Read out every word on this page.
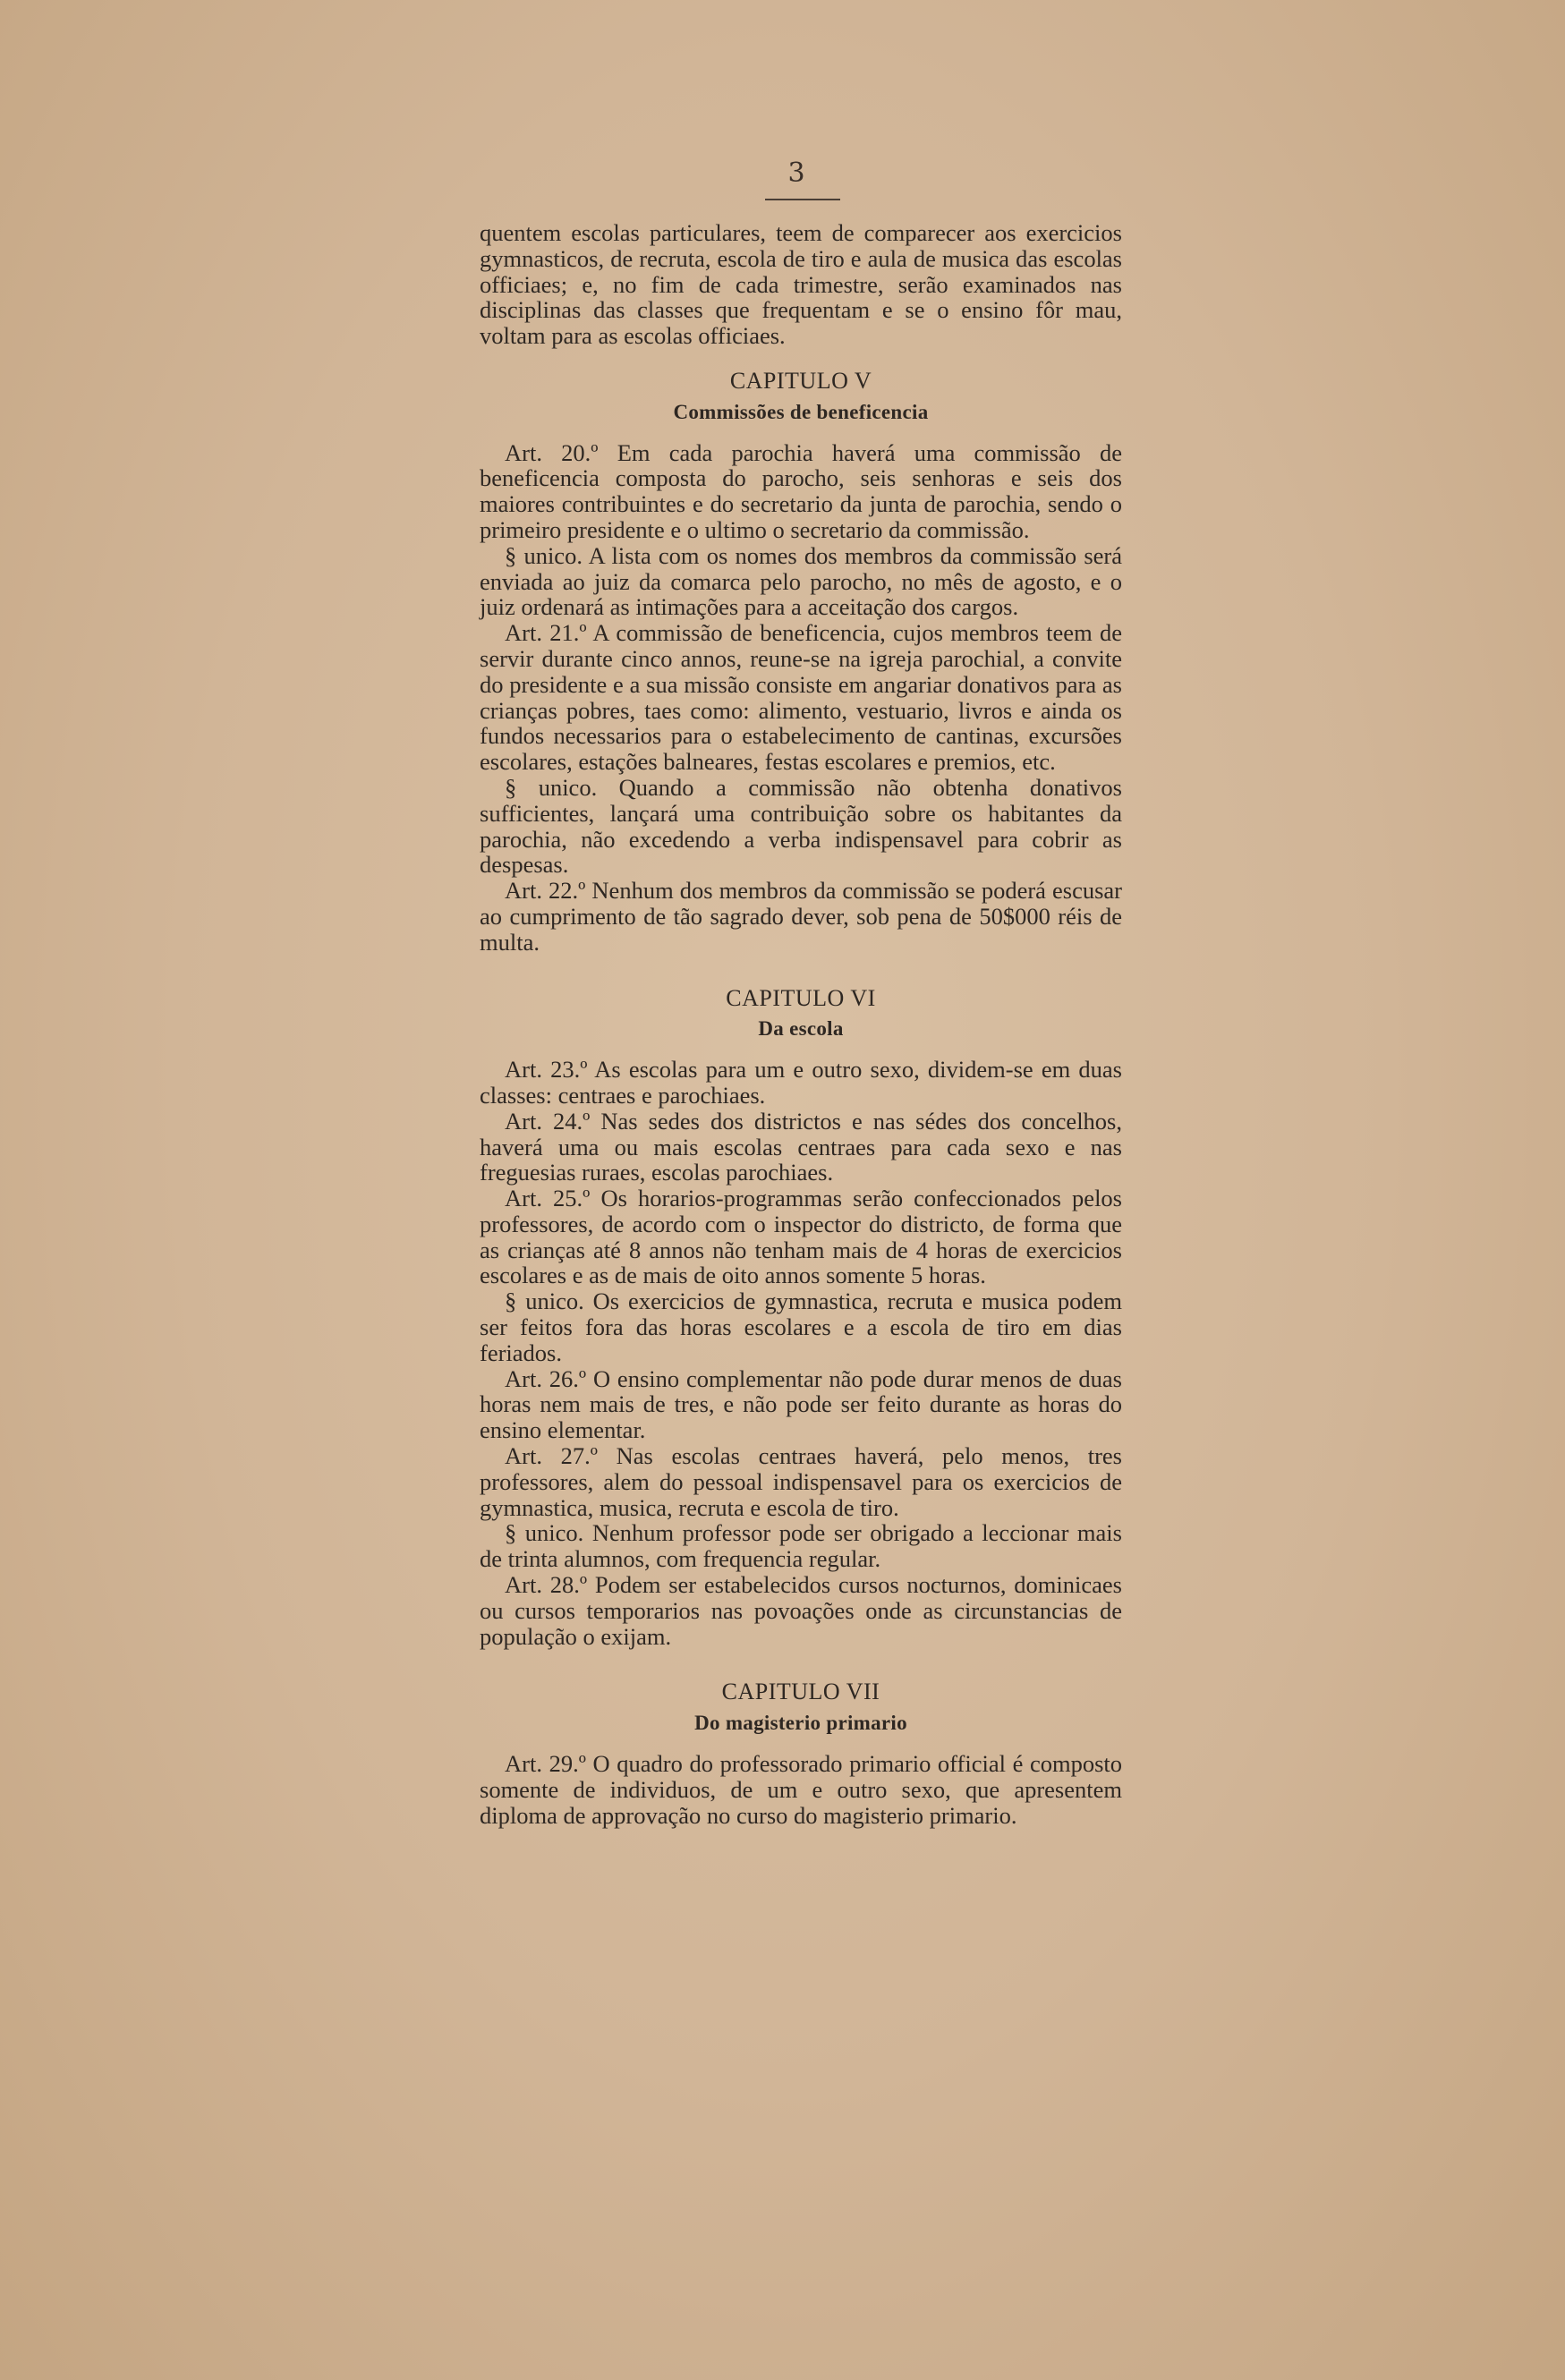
3

quentem escolas particulares, teem de comparecer aos exercicios gymnasticos, de recruta, escola de tiro e aula de musica das escolas officiaes; e, no fim de cada trimestre, serão examinados nas disciplinas das classes que frequentam e se o ensino fôr mau, voltam para as escolas officiaes.

CAPITULO V
Commissões de beneficencia

Art. 20.º Em cada parochia haverá uma commissão de beneficencia composta do parocho, seis senhoras e seis dos maiores contribuintes e do secretario da junta de parochia, sendo o primeiro presidente e o ultimo o secretario da commissão.

§ unico. A lista com os nomes dos membros da commissão será enviada ao juiz da comarca pelo parocho, no mês de agosto, e o juiz ordenará as intimações para a acceitação dos cargos.

Art. 21.º A commissão de beneficencia, cujos membros teem de servir durante cinco annos, reune-se na igreja parochial, a convite do presidente e a sua missão consiste em angariar donativos para as crianças pobres, taes como: alimento, vestuario, livros e ainda os fundos necessarios para o estabelecimento de cantinas, excursões escolares, estações balneares, festas escolares e premios, etc.

§ unico. Quando a commissão não obtenha donativos sufficientes, lançará uma contribuição sobre os habitantes da parochia, não excedendo a verba indispensavel para cobrir as despesas.

Art. 22.º Nenhum dos membros da commissão se poderá escusar ao cumprimento de tão sagrado dever, sob pena de 50$000 réis de multa.

CAPITULO VI
Da escola

Art. 23.º As escolas para um e outro sexo, dividem-se em duas classes: centraes e parochiaes.

Art. 24.º Nas sedes dos districtos e nas sédes dos concelhos, haverá uma ou mais escolas centraes para cada sexo e nas freguesias ruraes, escolas parochiaes.

Art. 25.º Os horarios-programmas serão confeccionados pelos professores, de acordo com o inspector do districto, de forma que as crianças até 8 annos não tenham mais de 4 horas de exercicios escolares e as de mais de oito annos somente 5 horas.

§ unico. Os exercicios de gymnastica, recruta e musica podem ser feitos fora das horas escolares e a escola de tiro em dias feriados.

Art. 26.º O ensino complementar não pode durar menos de duas horas nem mais de tres, e não pode ser feito durante as horas do ensino elementar.

Art. 27.º Nas escolas centraes haverá, pelo menos, tres professores, alem do pessoal indispensavel para os exercicios de gymnastica, musica, recruta e escola de tiro.

§ unico. Nenhum professor pode ser obrigado a leccionar mais de trinta alumnos, com frequencia regular.

Art. 28.º Podem ser estabelecidos cursos nocturnos, dominicaes ou cursos temporarios nas povoações onde as circunstancias de população o exijam.

CAPITULO VII
Do magisterio primario

Art. 29.º O quadro do professorado primario official é composto somente de individuos, de um e outro sexo, que apresentem diploma de approvação no curso do magisterio primario.
